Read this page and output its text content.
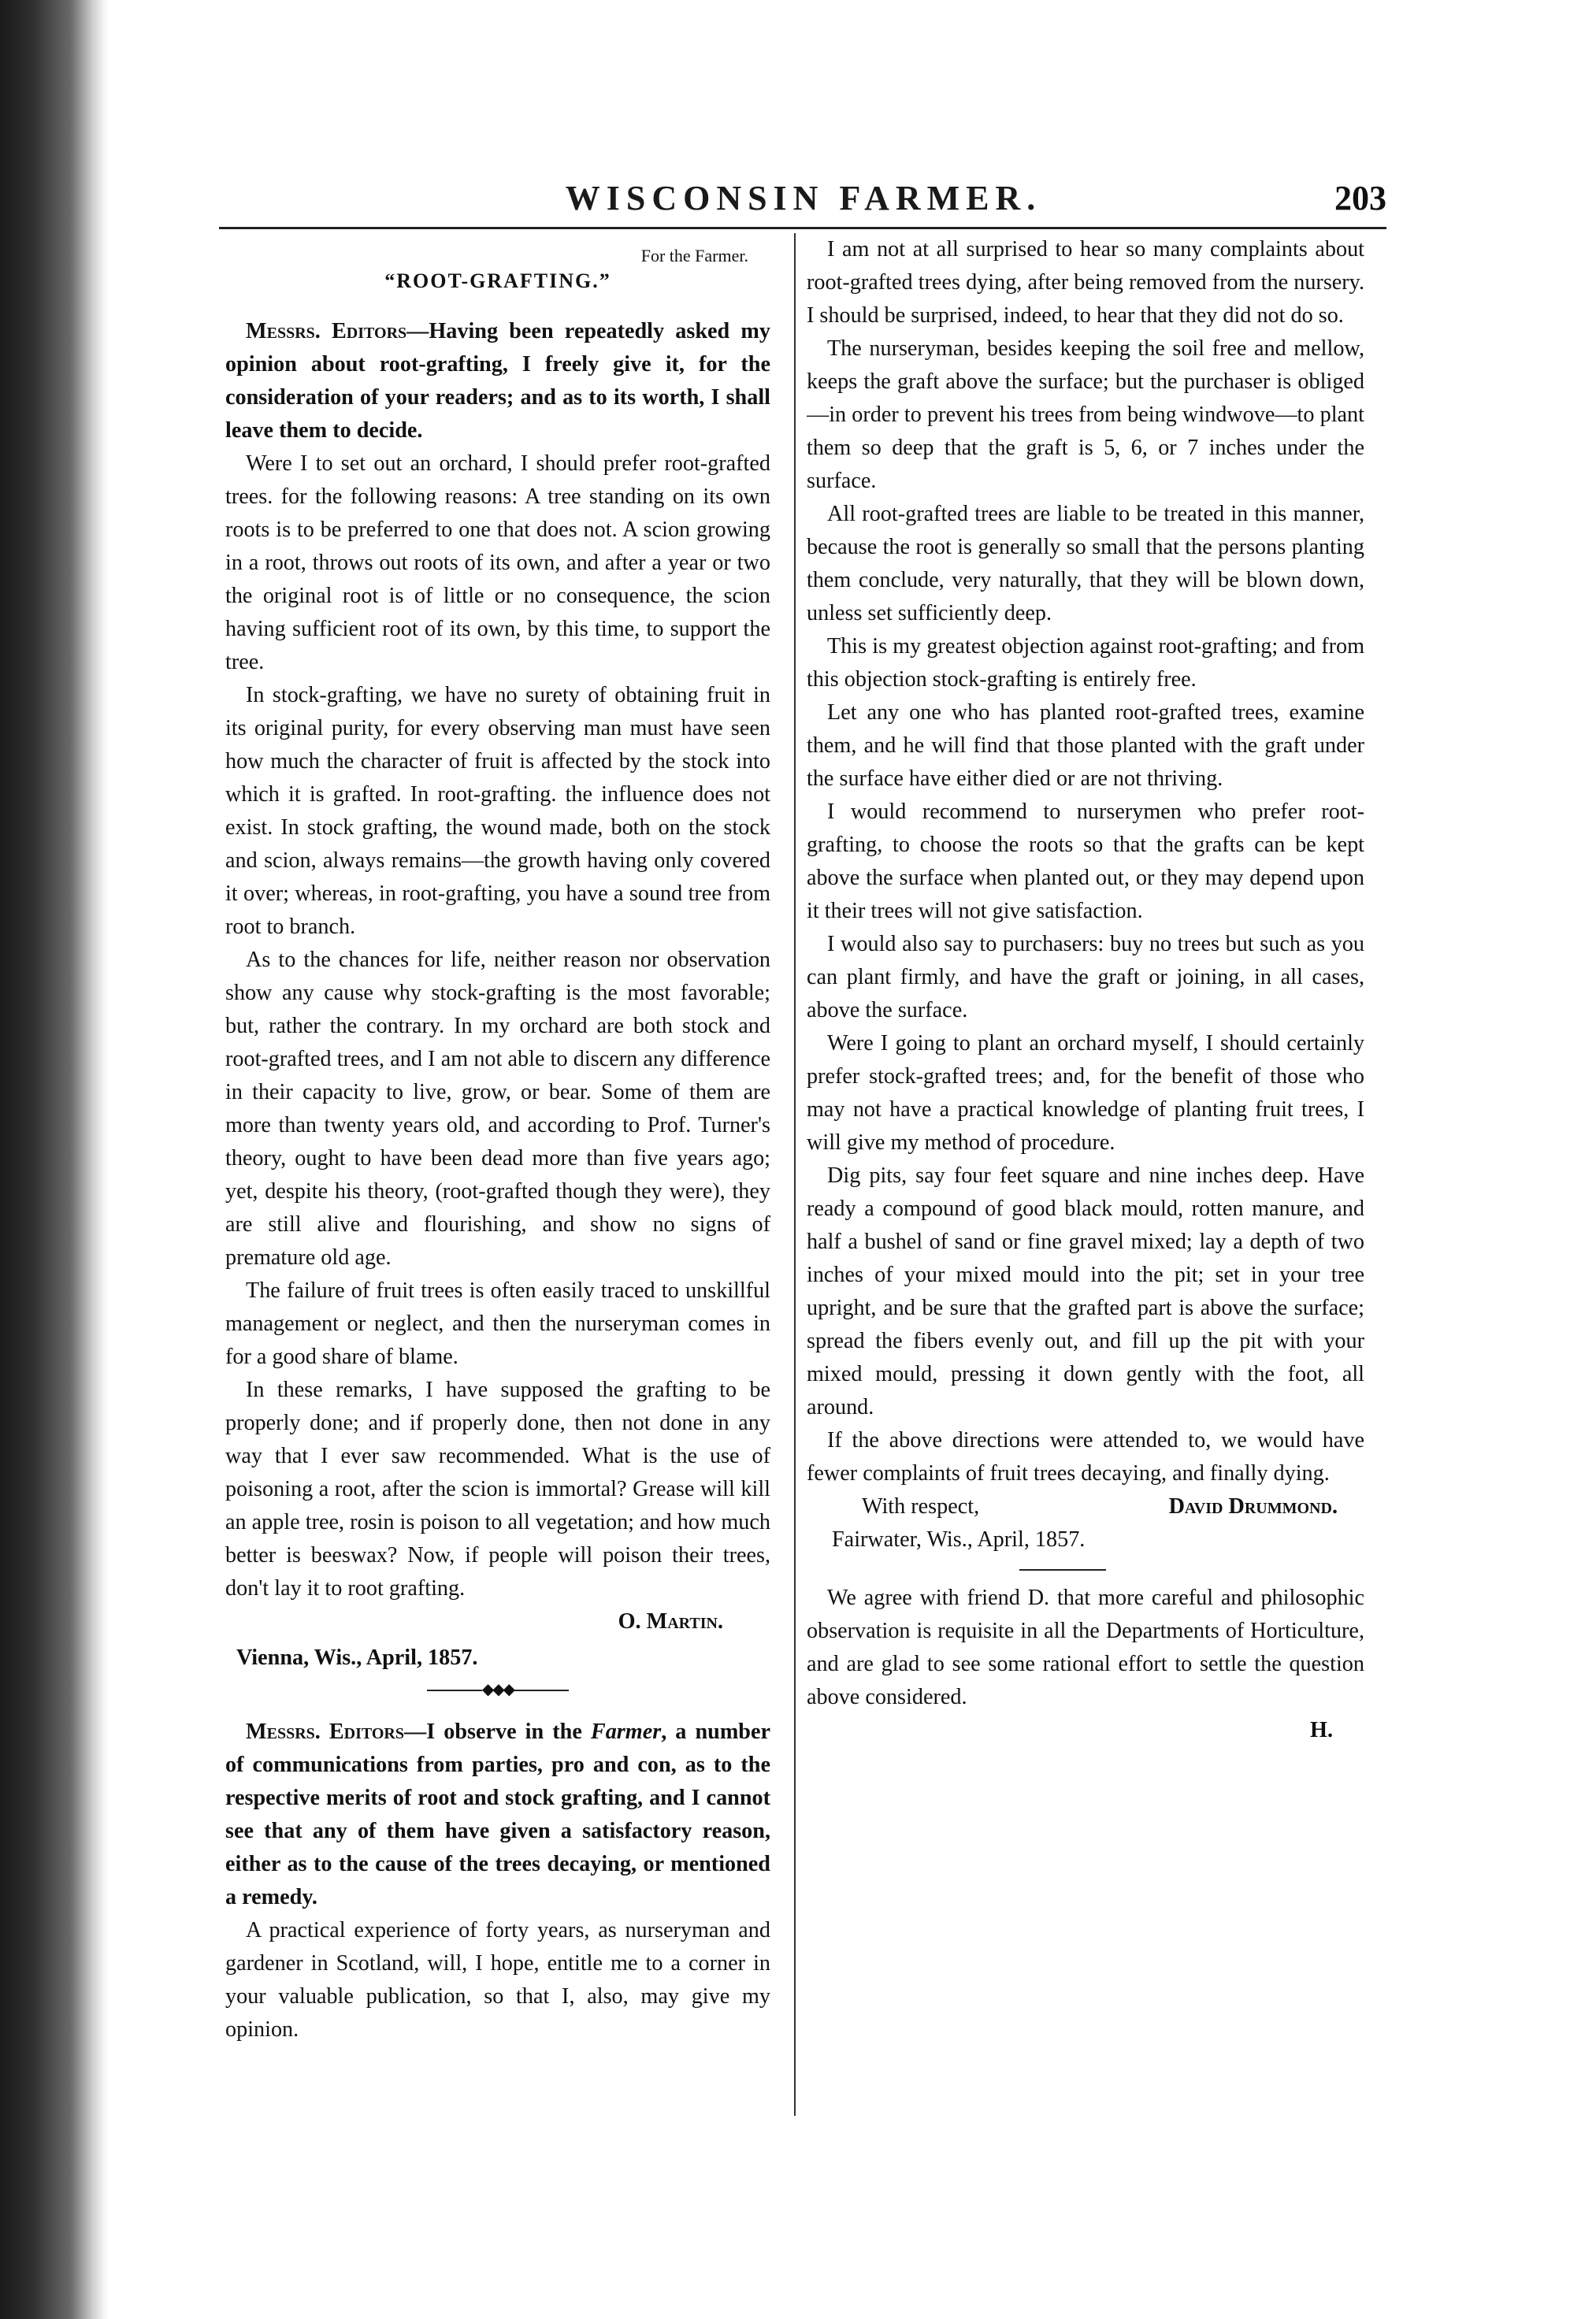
WISCONSIN FARMER.	203
For the Farmer.
“ROOT-GRAFTING.”

Messrs. Editors—Having been repeatedly asked my opinion about root-grafting, I freely give it, for the consideration of your readers; and as to its worth, I shall leave them to decide.

Were I to set out an orchard, I should prefer root-grafted trees. for the following reasons: A tree standing on its own roots is to be preferred to one that does not. A scion growing in a root, throws out roots of its own, and after a year or two the original root is of little or no consequence, the scion having sufficient root of its own, by this time, to support the tree.

In stock-grafting, we have no surety of obtaining fruit in its original purity, for every observing man must have seen how much the character of fruit is affected by the stock into which it is grafted. In root-grafting. the influence does not exist. In stock grafting, the wound made, both on the stock and scion, always remains—the growth having only covered it over; whereas, in root-grafting, you have a sound tree from root to branch.

As to the chances for life, neither reason nor observation show any cause why stock-grafting is the most favorable; but, rather the contrary. In my orchard are both stock and root-grafted trees, and I am not able to discern any difference in their capacity to live, grow, or bear. Some of them are more than twenty years old, and according to Prof. Turner's theory, ought to have been dead more than five years ago; yet, despite his theory, (root-grafted though they were), they are still alive and flourishing, and show no signs of premature old age.

The failure of fruit trees is often easily traced to unskillful management or neglect, and then the nurseryman comes in for a good share of blame.

In these remarks, I have supposed the grafting to be properly done; and if properly done, then not done in any way that I ever saw recommended. What is the use of poisoning a root, after the scion is immortal? Grease will kill an apple tree, rosin is poison to all vegetation; and how much better is beeswax? Now, if people will poison their trees, don't lay it to root grafting.

O. Martin.
Vienna, Wis., April, 1857.
◆◆◆

Messrs. Editors—I observe in the Farmer, a number of communications from parties, pro and con, as to the respective merits of root and stock grafting, and I cannot see that any of them have given a satisfactory reason, either as to the cause of the trees decaying, or mentioned a remedy.

A practical experience of forty years, as nurseryman and gardener in Scotland, will, I hope, entitle me to a corner in your valuable publication, so that I, also, may give my opinion.

I am not at all surprised to hear so many complaints about root-grafted trees dying, after being removed from the nursery. I should be surprised, indeed, to hear that they did not do so.

The nurseryman, besides keeping the soil free and mellow, keeps the graft above the surface; but the purchaser is obliged—in order to prevent his trees from being windwove—to plant them so deep that the graft is 5, 6, or 7 inches under the surface.

All root-grafted trees are liable to be treated in this manner, because the root is generally so small that the persons planting them conclude, very naturally, that they will be blown down, unless set sufficiently deep.

This is my greatest objection against root-grafting; and from this objection stock-grafting is entirely free.

Let any one who has planted root-grafted trees, examine them, and he will find that those planted with the graft under the surface have either died or are not thriving.

I would recommend to nurserymen who prefer root-grafting, to choose the roots so that the grafts can be kept above the surface when planted out, or they may depend upon it their trees will not give satisfaction.

I would also say to purchasers: buy no trees but such as you can plant firmly, and have the graft or joining, in all cases, above the surface.

Were I going to plant an orchard myself, I should certainly prefer stock-grafted trees; and, for the benefit of those who may not have a practical knowledge of planting fruit trees, I will give my method of procedure.

Dig pits, say four feet square and nine inches deep. Have ready a compound of good black mould, rotten manure, and half a bushel of sand or fine gravel mixed; lay a depth of two inches of your mixed mould into the pit; set in your tree upright, and be sure that the grafted part is above the surface; spread the fibers evenly out, and fill up the pit with your mixed mould, pressing it down gently with the foot, all around.

If the above directions were attended to, we would have fewer complaints of fruit trees decaying, and finally dying.

With respect,	David Drummond.
Fairwater, Wis., April, 1857.

We agree with friend D. that more careful and philosophic observation is requisite in all the Departments of Horticulture, and are glad to see some rational effort to settle the question above considered.

H.
